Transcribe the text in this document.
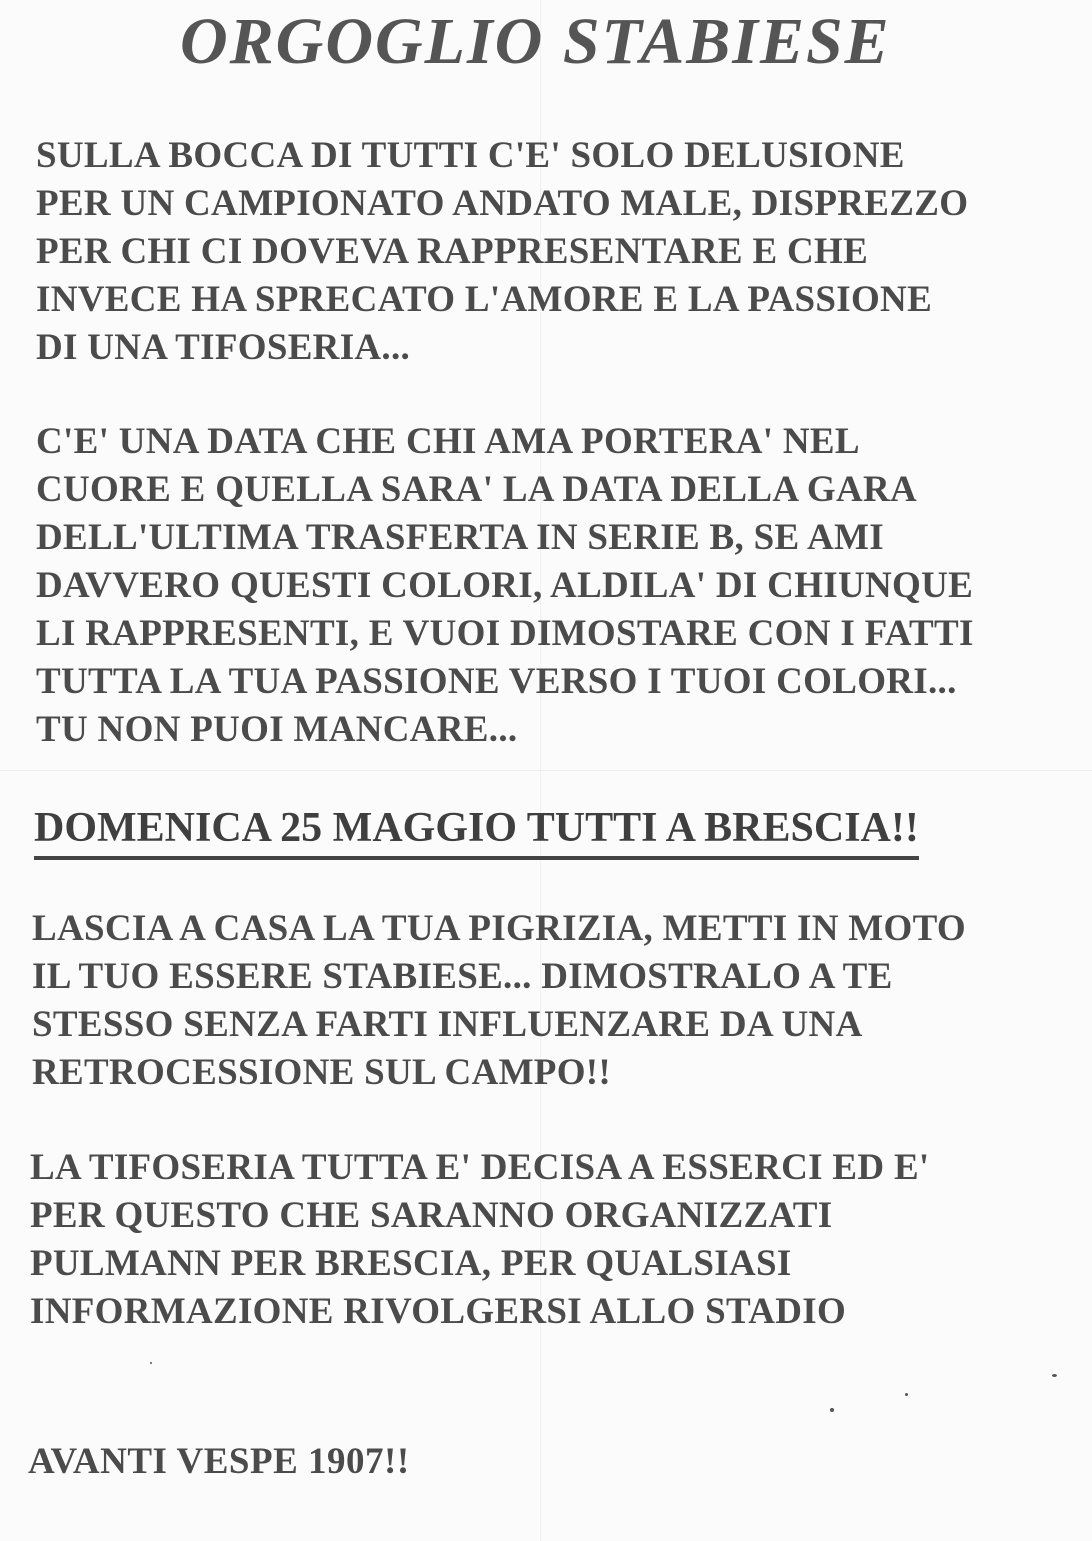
ORGOGLIO STABIESE
SULLA BOCCA DI TUTTI C'E' SOLO DELUSIONE
PER UN CAMPIONATO ANDATO MALE, DISPREZZO
PER CHI CI DOVEVA RAPPRESENTARE E CHE
INVECE HA SPRECATO L'AMORE E LA PASSIONE
DI UNA TIFOSERIA...
C'E' UNA DATA CHE CHI AMA PORTERA' NEL
CUORE E QUELLA SARA' LA DATA DELLA GARA
DELL'ULTIMA TRASFERTA IN SERIE B, SE AMI
DAVVERO QUESTI COLORI, ALDILA' DI CHIUNQUE
LI RAPPRESENTI, E VUOI DIMOSTARE CON I FATTI
TUTTA LA TUA PASSIONE VERSO I TUOI COLORI...
TU NON PUOI MANCARE...
DOMENICA 25 MAGGIO TUTTI A BRESCIA!!
LASCIA A CASA LA TUA PIGRIZIA, METTI IN MOTO
IL TUO ESSERE STABIESE... DIMOSTRALO A TE
STESSO SENZA FARTI INFLUENZARE DA UNA
RETROCESSIONE SUL CAMPO!!
LA TIFOSERIA TUTTA E' DECISA A ESSERCI ED E'
PER QUESTO CHE SARANNO ORGANIZZATI
PULMANN PER BRESCIA, PER QUALSIASI
INFORMAZIONE RIVOLGERSI ALLO STADIO
AVANTI VESPE 1907!!
